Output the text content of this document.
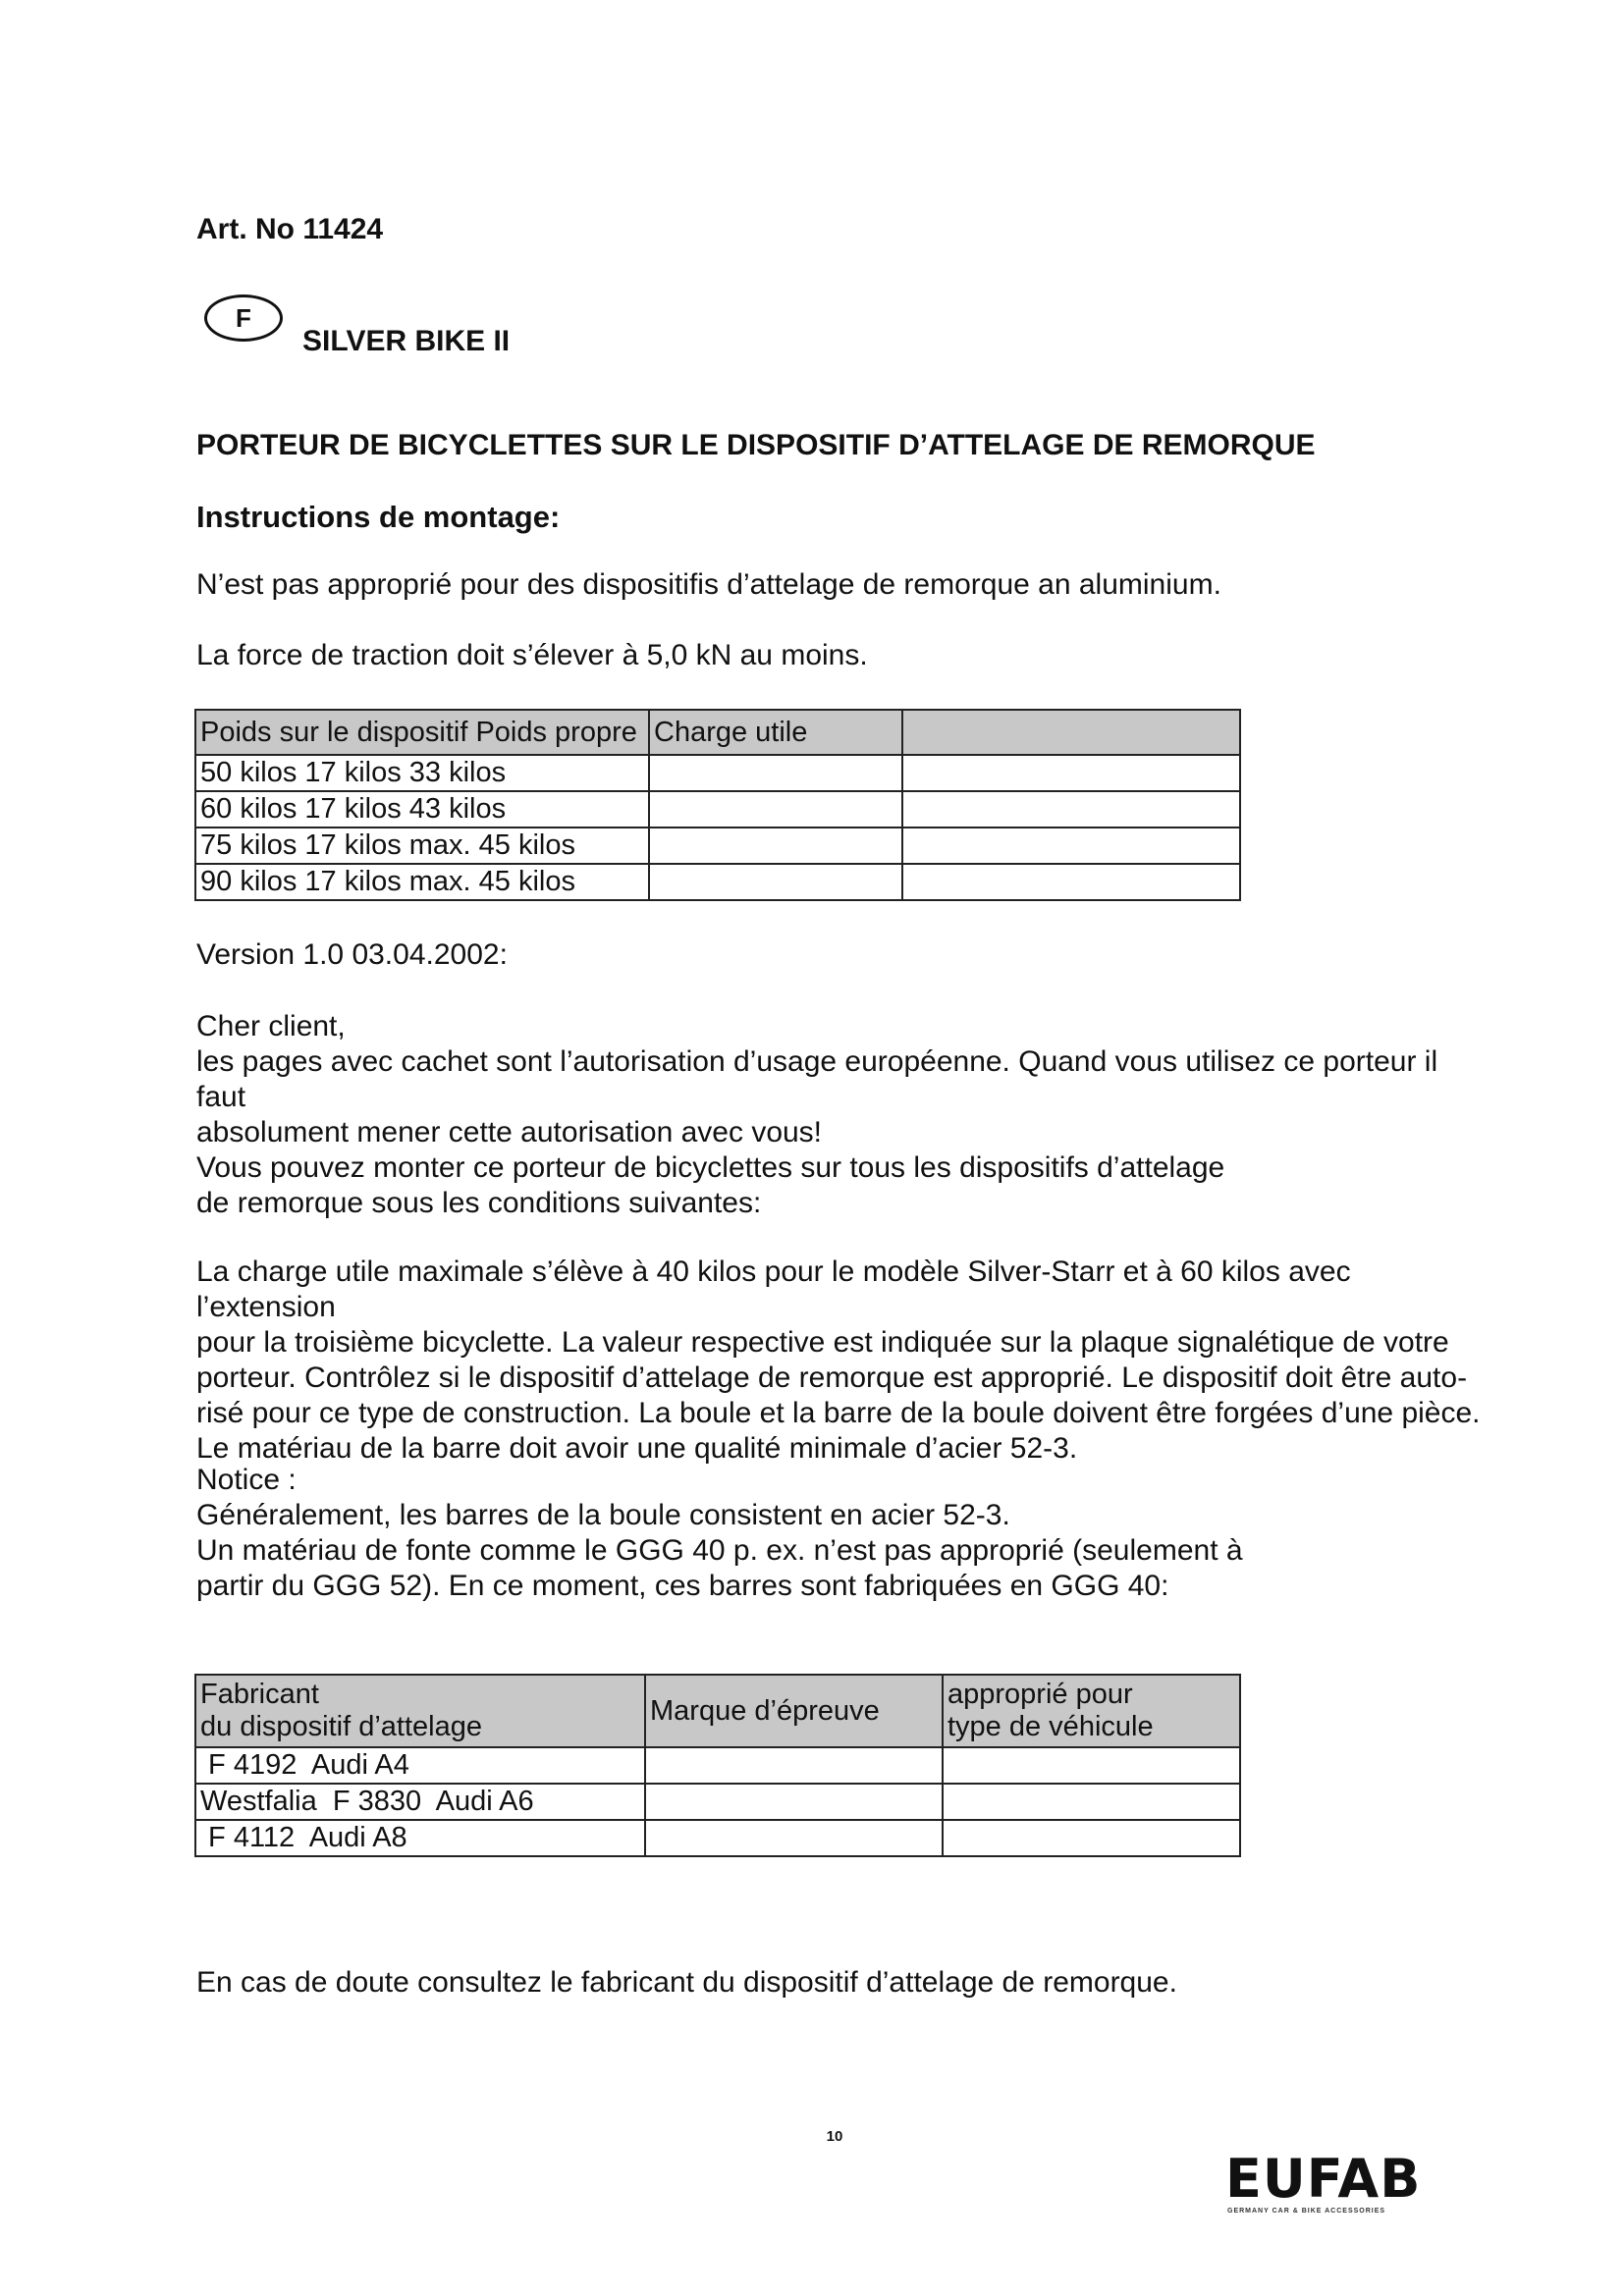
Art. No 11424
F
SILVER BIKE II
PORTEUR DE BICYCLETTES SUR LE DISPOSITIF D’ATTELAGE DE REMORQUE
Instructions de montage:
N’est pas approprié pour des dispositifis d’attelage de remorque an aluminium.
La force de traction doit s’élever à 5,0 kN au moins.
Poids sur le dispositif Poids propre	Charge utile	
50 kilos 17 kilos 33 kilos		
60 kilos 17 kilos 43 kilos		
75 kilos 17 kilos max. 45 kilos		
90 kilos 17 kilos max. 45 kilos		
Version 1.0 03.04.2002:
Cher client,
les pages avec cachet sont l’autorisation d’usage européenne. Quand vous utilisez ce porteur il faut
absolument mener cette autorisation avec vous!
Vous pouvez monter ce porteur de bicyclettes sur tous les dispositifs d’attelage
de remorque sous les conditions suivantes:
La charge utile maximale s’élève à 40 kilos pour le modèle Silver-Starr et à 60 kilos avec l’extension
pour la troisième bicyclette. La valeur respective est indiquée sur la plaque signalétique de votre
porteur. Contrôlez si le dispositif d’attelage de remorque est approprié. Le dispositif doit être auto-
risé pour ce type de construction. La boule et la barre de la boule doivent être forgées d’une pièce.
Le matériau de la barre doit avoir une qualité minimale d’acier 52-3.
Notice :
Généralement, les barres de la boule consistent en acier 52-3.
Un matériau de fonte comme le GGG 40 p. ex. n’est pas approprié (seulement à
partir du GGG 52). En ce moment, ces barres sont fabriquées en GGG 40:
Fabricant
du dispositif d’attelage	Marque d’épreuve	approprié pour
type de véhicule
F 4192  Audi A4		
Westfalia  F 3830  Audi A6		
F 4112  Audi A8		
En cas de doute consultez le fabricant du dispositif d’attelage de remorque.
10
EUFAB
GERMANY CAR & BIKE ACCESSORIES
